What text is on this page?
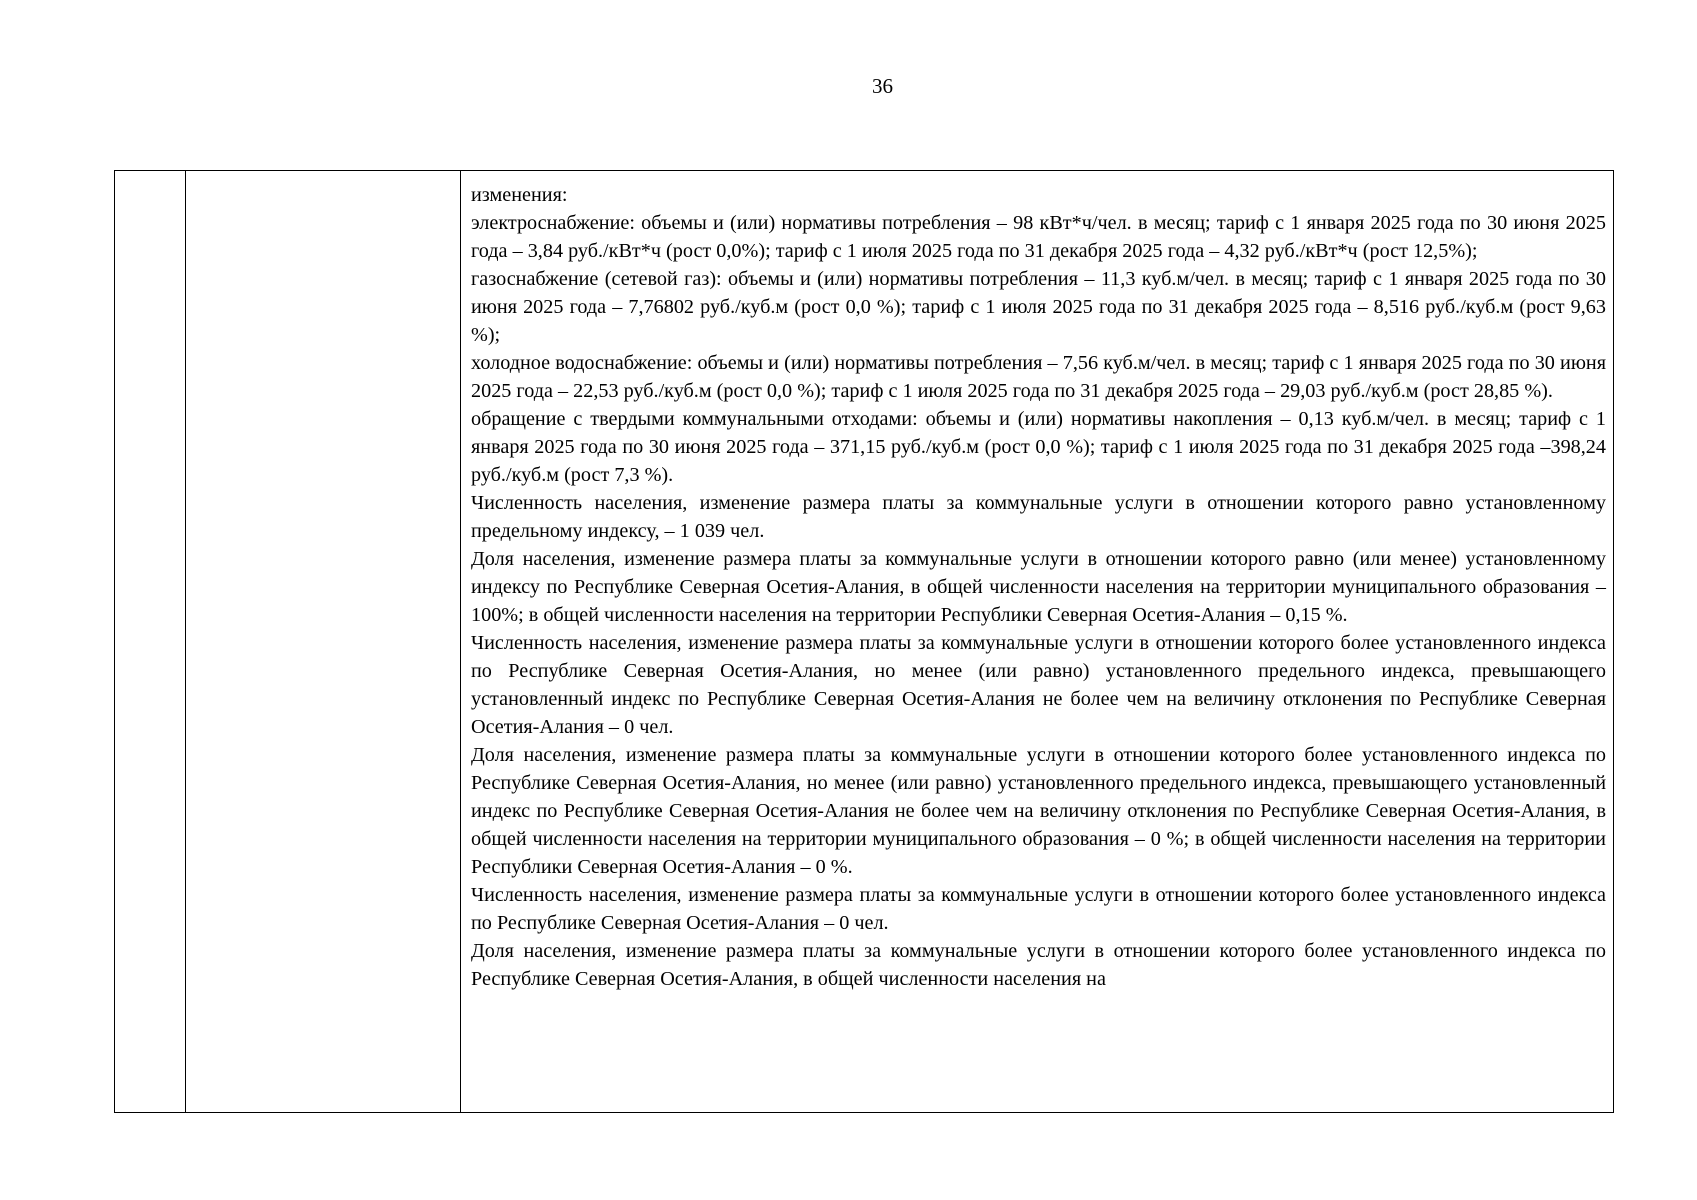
36

изменения:

электроснабжение: объемы и (или) нормативы потребления – 98 кВт*ч/чел. в месяц; тариф с 1 января 2025 года по 30 июня 2025 года – 3,84 руб./кВт*ч (рост 0,0%); тариф с 1 июля 2025 года по 31 декабря 2025 года – 4,32 руб./кВт*ч (рост 12,5%);

газоснабжение (сетевой газ): объемы и (или) нормативы потребления – 11,3 куб.м/чел. в месяц; тариф с 1 января 2025 года по 30 июня 2025 года – 7,76802 руб./куб.м (рост 0,0 %); тариф с 1 июля 2025 года по 31 декабря 2025 года – 8,516 руб./куб.м (рост 9,63 %);

холодное водоснабжение: объемы и (или) нормативы потребления – 7,56 куб.м/чел. в месяц; тариф с 1 января 2025 года по 30 июня 2025 года – 22,53 руб./куб.м (рост 0,0 %); тариф с 1 июля 2025 года по 31 декабря 2025 года – 29,03 руб./куб.м (рост 28,85 %).

обращение с твердыми коммунальными отходами: объемы и (или) нормативы накопления – 0,13 куб.м/чел. в месяц; тариф с 1 января 2025 года по 30 июня 2025 года – 371,15 руб./куб.м (рост 0,0 %); тариф с 1 июля 2025 года по 31 декабря 2025 года –398,24 руб./куб.м (рост 7,3 %).

Численность населения, изменение размера платы за коммунальные услуги в отношении которого равно установленному предельному индексу, – 1 039 чел.

Доля населения, изменение размера платы за коммунальные услуги в отношении которого равно (или менее) установленному индексу по Республике Северная Осетия-Алания, в общей численности населения на территории муниципального образования – 100%; в общей численности населения на территории Республики Северная Осетия-Алания – 0,15 %.

Численность населения, изменение размера платы за коммунальные услуги в отношении которого более установленного индекса по Республике Северная Осетия-Алания, но менее (или равно) установленного предельного индекса, превышающего установленный индекс по Республике Северная Осетия-Алания не более чем на величину отклонения по Республике Северная Осетия-Алания – 0 чел.

Доля населения, изменение размера платы за коммунальные услуги в отношении которого более установленного индекса по Республике Северная Осетия-Алания, но менее (или равно) установленного предельного индекса, превышающего установленный индекс по Республике Северная Осетия-Алания не более чем на величину отклонения по Республике Северная Осетия-Алания, в общей численности населения на территории муниципального образования – 0 %; в общей численности населения на территории Республики Северная Осетия-Алания – 0 %.

Численность населения, изменение размера платы за коммунальные услуги в отношении которого более установленного индекса по Республике Северная Осетия-Алания – 0 чел.

Доля населения, изменение размера платы за коммунальные услуги в отношении которого более установленного индекса по Республике Северная Осетия-Алания, в общей численности населения на
